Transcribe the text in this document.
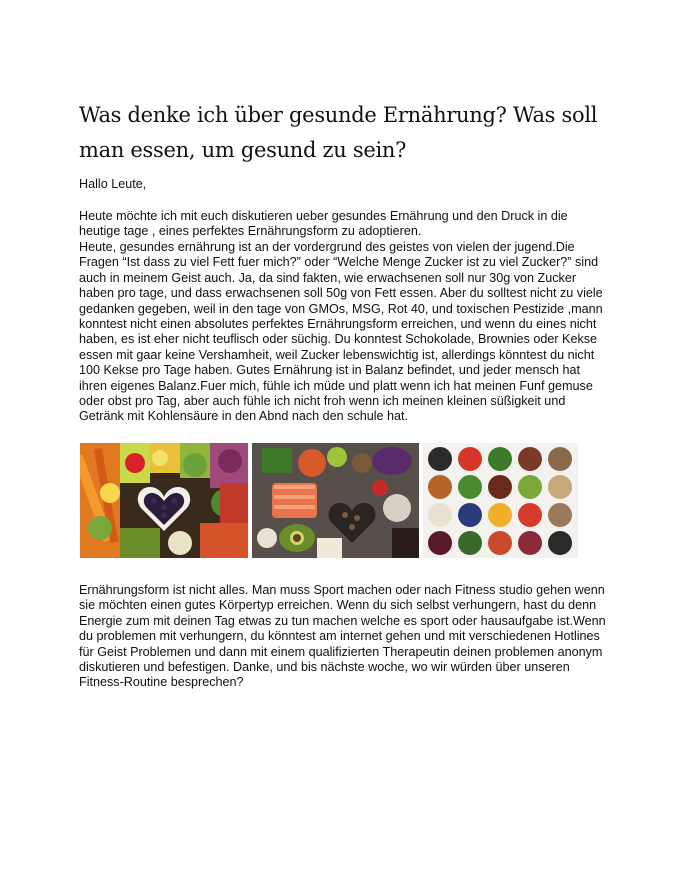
Was denke ich über gesunde Ernährung? Was soll man essen, um gesund zu sein?

Hallo Leute,

Heute möchte ich mit euch diskutieren ueber gesundes Ernährung und den Druck in die heutige tage , eines perfektes Ernährungsform zu adoptieren.

Heute, gesundes ernährung ist an der vordergrund des geistes von vielen der jugend.Die Fragen “Ist dass zu viel Fett fuer mich?” oder “Welche Menge Zucker ist zu viel Zucker?” sind auch in meinem Geist auch. Ja, da sind fakten, wie erwachsenen soll nur 30g von Zucker haben pro tage, und dass erwachsenen soll 50g von Fett essen. Aber du solltest nicht zu viele gedanken gegeben, weil in den tage von GMOs, MSG, Rot 40, und toxischen Pestizide ,mann konntest nicht einen absolutes perfektes Ernährungsform erreichen, und wenn du eines nicht haben, es ist eher nicht teuflisch oder süchig. Du konntest Schokolade, Brownies oder Kekse essen mit gaar keine Vershamheit, weil Zucker lebenswichtig ist, allerdings könntest du nicht 100 Kekse pro Tage haben. Gutes Ernährung ist in Balanz befindet, und jeder mensch hat ihren eigenes Balanz.Fuer mich, fühle ich müde und platt wenn ich hat meinen Funf gemuse oder obst pro Tag, aber auch fühle ich nicht froh wenn ich meinen kleinen süßigkeit und Getränk mit Kohlensäure in den Abnd nach den schule hat.

Ernährungsform ist nicht alles. Man muss Sport machen oder nach Fitness studio gehen wenn sie möchten einen gutes Körpertyp erreichen. Wenn du sich selbst verhungern, hast du denn Energie zum mit deinen Tag etwas zu tun machen welche es sport oder hausaufgabe ist.Wenn du problemen mit verhungern, du könntest am internet gehen und mit verschiedenen Hotlines für Geist Problemen und dann mit einem qualifizierten Therapeutin deinen problemen anonym diskutieren und befestigen. Danke, und bis nächste woche, wo wir würden über unseren Fitness-Routine besprechen?
